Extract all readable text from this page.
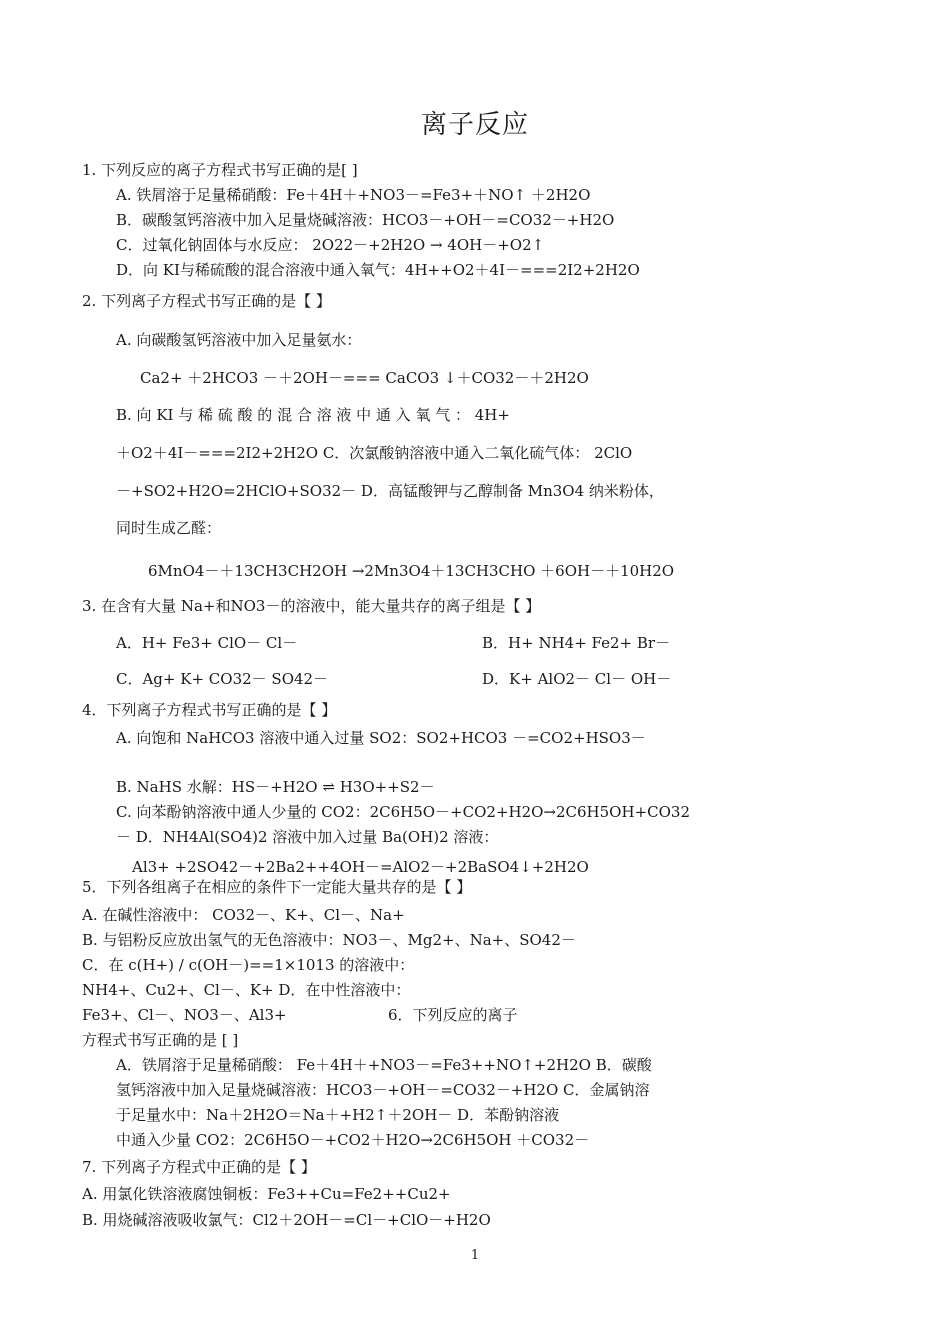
离子反应
1. 下列反应的离子方程式书写正确的是[ ]
A. 铁屑溶于足量稀硝酸：Fe＋4H＋+NO3－=Fe3+＋NO↑ ＋2H2O
B．碳酸氢钙溶液中加入足量烧碱溶液：HCO3－+OH－=CO32－+H2O
C．过氧化钠固体与水反应： 2O22－+2H2O → 4OH－+O2↑
D．向 KI与稀硫酸的混合溶液中通入氧气：4H++O2＋4I－===2I2+2H2O
2. 下列离子方程式书写正确的是【 】
A. 向碳酸氢钙溶液中加入足量氨水：
Ca2+ ＋2HCO3 －＋2OH－=== CaCO3 ↓＋CO32－＋2H2O
B. 向 KI 与 稀 硫 酸 的 混 合 溶 液 中 通 入 氧 气 ： 4H+
＋O2＋4I－===2I2+2H2O C．次氯酸钠溶液中通入二氧化硫气体： 2ClO
－+SO2+H2O=2HClO+SO32－ D．高锰酸钾与乙醇制备 Mn3O4 纳米粉体，
同时生成乙醛：
6MnO4－＋13CH3CH2OH →2Mn3O4＋13CH3CHO ＋6OH－＋10H2O
3. 在含有大量 Na+和NO3－的溶液中，能大量共存的离子组是【 】
A．H+ Fe3+ ClO－ Cl－	B．H+ NH4+ Fe2+ Br－
C．Ag+ K+ CO32－ SO42－	D．K+ AlO2－ Cl－ OH－
4．下列离子方程式书写正确的是【 】
A. 向饱和 NaHCO3 溶液中通入过量 SO2：SO2+HCO3 －=CO2+HSO3－
B. NaHS 水解：HS－+H2O ⇌ H3O++S2－
C. 向苯酚钠溶液中通人少量的 CO2：2C6H5O－+CO2+H2O→2C6H5OH+CO32
－ D．NH4Al(SO4)2 溶液中加入过量 Ba(OH)2 溶液：
Al3+ +2SO42－+2Ba2++4OH－=AlO2－+2BaSO4↓+2H2O
5．下列各组离子在相应的条件下一定能大量共存的是【 】
A. 在碱性溶液中： CO32－、K+、Cl－、Na+
B. 与铝粉反应放出氢气的无色溶液中：NO3－、Mg2+、Na+、SO42－
C．在 c(H+) / c(OH－)==1×1013 的溶液中：
NH4+、Cu2+、Cl－、K+ D．在中性溶液中：
Fe3+、Cl－、NO3－、Al3+	6．下列反应的离子
方程式书写正确的是 [ ]
A．铁屑溶于足量稀硝酸： Fe＋4H＋+NO3－=Fe3++NO↑+2H2O B．碳酸
氢钙溶液中加入足量烧碱溶液：HCO3－+OH－=CO32－+H2O C．金属钠溶
于足量水中：Na＋2H2O＝Na＋+H2↑＋2OH－ D．苯酚钠溶液
中通入少量 CO2：2C6H5O－+CO2＋H2O→2C6H5OH ＋CO32－
7. 下列离子方程式中正确的是【 】
A. 用氯化铁溶液腐蚀铜板：Fe3++Cu=Fe2++Cu2+
B. 用烧碱溶液吸收氯气：Cl2＋2OH－=Cl－+ClO－+H2O
1
